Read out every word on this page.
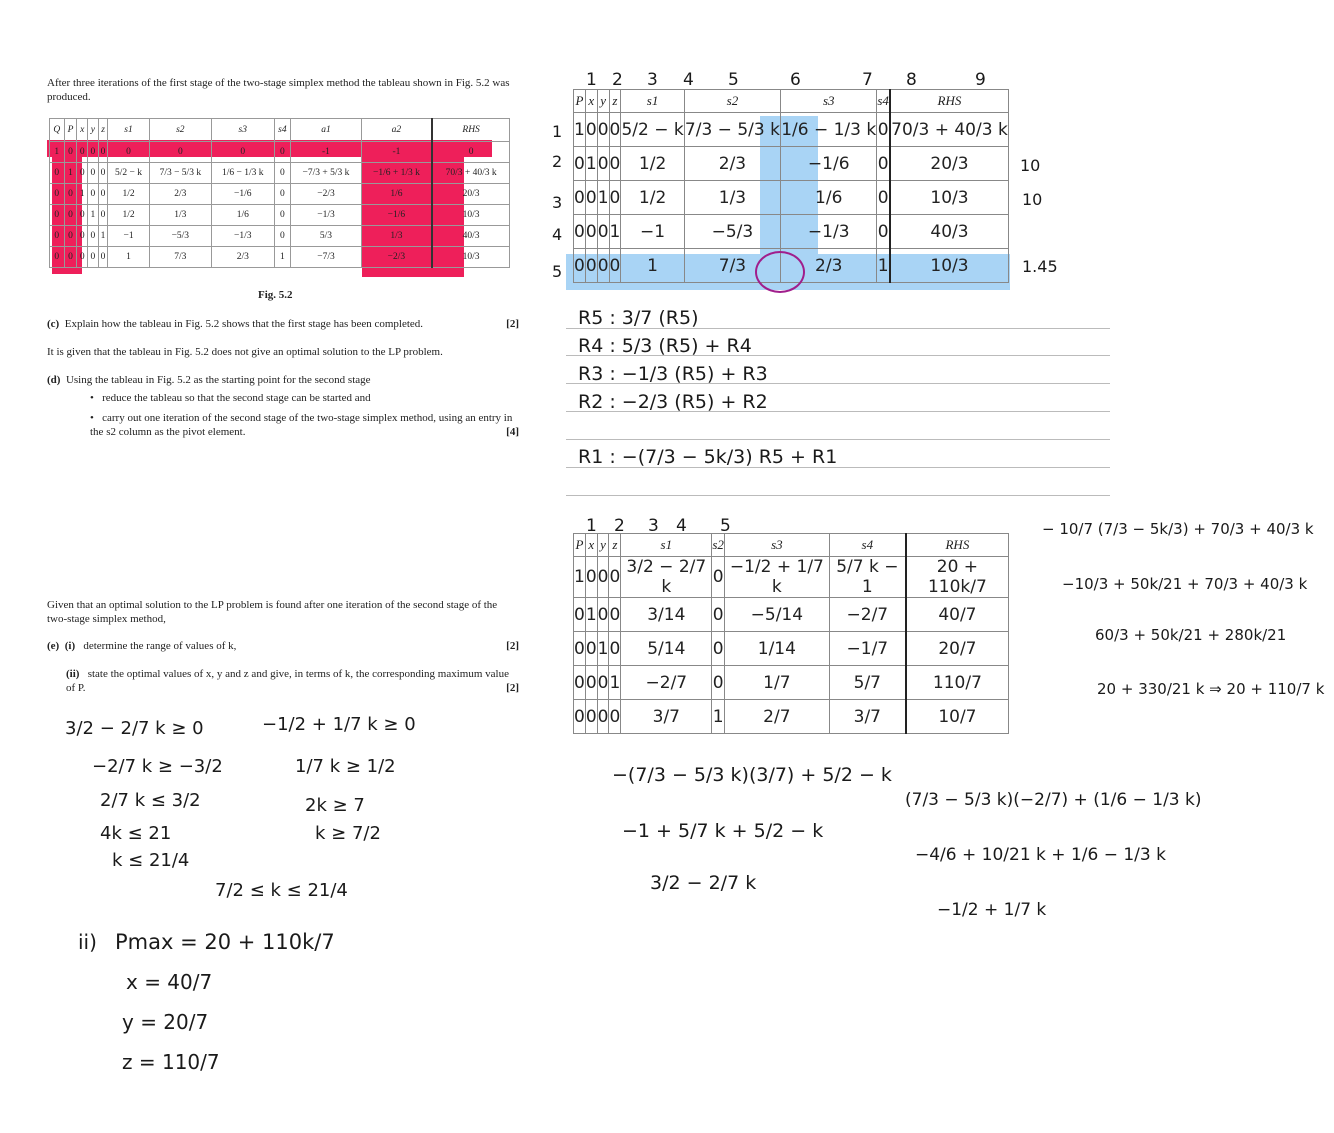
After three iterations of the first stage of the two-stage simplex method the tableau shown in Fig. 5.2 was produced.
Q	P	x	y	z	s1	s2	s3	s4	a1	a2	RHS
1	0	0	0	0	0	0	0	0	-1	-1	0
0	1	0	0	0	5/2 − k	7/3 − 5/3 k	1/6 − 1/3 k	0	−7/3 + 5/3 k	−1/6 + 1/3 k	70/3 + 40/3 k
0	0	1	0	0	1/2	2/3	−1/6	0	−2/3	1/6	20/3
0	0	0	1	0	1/2	1/3	1/6	0	−1/3	−1/6	10/3
0	0	0	0	1	−1	−5/3	−1/3	0	5/3	1/3	40/3
0	0	0	0	0	1	7/3	2/3	1	−7/3	−2/3	10/3
Fig. 5.2
(c) Explain how the tableau in Fig. 5.2 shows that the first stage has been completed.	[2]
It is given that the tableau in Fig. 5.2 does not give an optimal solution to the LP problem.
(d) Using the tableau in Fig. 5.2 as the starting point for the second stage
•   reduce the tableau so that the second stage can be started and
•   carry out one iteration of the second stage of the two-stage simplex method, using an entry in the s2 column as the pivot element.	[4]
Given that an optimal solution to the LP problem is found after one iteration of the second stage of the two-stage simplex method,
(e) (i) determine the range of values of k,	[2]
(ii) state the optimal values of x, y and z and give, in terms of k, the corresponding maximum value of P.	[2]
3/2 − 2/7 k ≥ 0
−2/7 k ≥ −3/2
2/7 k ≤ 3/2
4k ≤ 21
k ≤ 21/4
−1/2 + 1/7 k ≥ 0
1/7 k ≥ 1/2
2k ≥ 7
k ≥ 7/2
7/2 ≤ k ≤ 21/4
ii) Pmax = 20 + 110k/7
x = 40/7
y = 20/7
z = 110/7
1 2 3 4 5	6	7 8	9
1
2
3
4
5
P	x	y	z	s1	s2	s3	s4	RHS
1	0	0	0	5/2 − k	7/3 − 5/3 k	1/6 − 1/3 k	0	70/3 + 40/3 k
0	1	0	0	1/2	2/3	−1/6	0	20/3
0	0	1	0	1/2	1/3	1/6	0	10/3
0	0	0	1	−1	−5/3	−1/3	0	40/3
0	0	0	0	1	7/3	2/3	1	10/3
10
10
1.45
R5 : 3/7 (R5)
R4 : 5/3 (R5) + R4
R3 : −1/3 (R5) + R3
R2 : −2/3 (R5) + R2
R1 : −(7/3 − 5k/3) R5 + R1
1 2 3 4 5
P	x	y	z	s1	s2	s3	s4	RHS
1	0	0	0	3/2 − 2/7 k	0	−1/2 + 1/7 k	5/7 k − 1	20 + 110k/7
0	1	0	0	3/14	0	−5/14	−2/7	40/7
0	0	1	0	5/14	0	1/14	−1/7	20/7
0	0	0	1	−2/7	0	1/7	5/7	110/7
0	0	0	0	3/7	1	2/7	3/7	10/7
− 10/7 (7/3 − 5k/3) + 70/3 + 40/3 k
−10/3 + 50k/21 + 70/3 + 40/3 k
60/3 + 50k/21 + 280k/21
20 + 330/21 k ⇒ 20 + 110/7 k
−(7/3 − 5/3 k)(3/7) + 5/2 − k
−1 + 5/7 k + 5/2 − k
3/2 − 2/7 k
(7/3 − 5/3 k)(−2/7) + (1/6 − 1/3 k)
−4/6 + 10/21 k + 1/6 − 1/3 k
−1/2 + 1/7 k
